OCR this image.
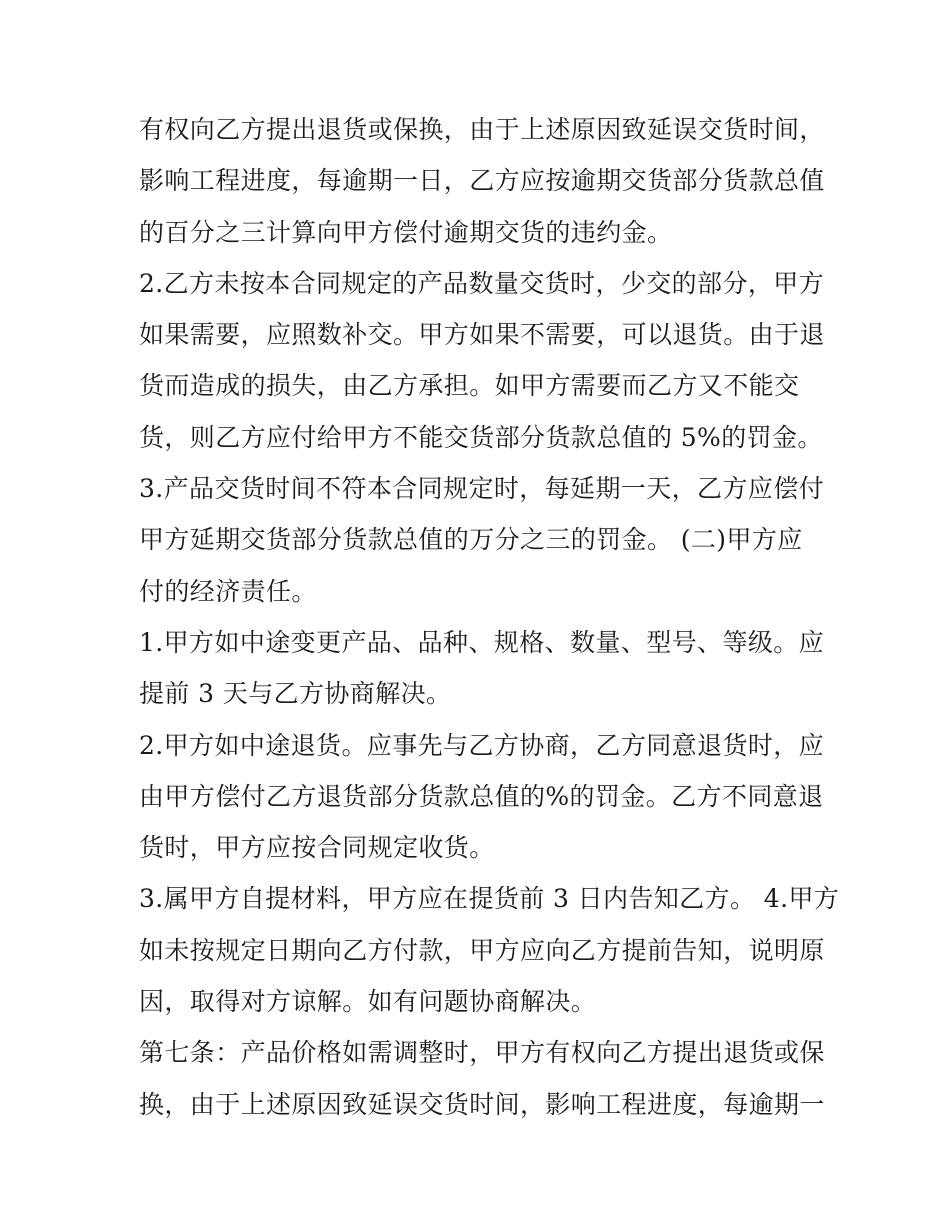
有权向乙方提出退货或保换，由于上述原因致延误交货时间，
影响工程进度，每逾期一日，乙方应按逾期交货部分货款总值
的百分之三计算向甲方偿付逾期交货的违约金。
2.乙方未按本合同规定的产品数量交货时，少交的部分，甲方
如果需要，应照数补交。甲方如果不需要，可以退货。由于退
货而造成的损失，由乙方承担。如甲方需要而乙方又不能交
货，则乙方应付给甲方不能交货部分货款总值的 5%的罚金。
3.产品交货时间不符本合同规定时，每延期一天，乙方应偿付
甲方延期交货部分货款总值的万分之三的罚金。 (二)甲方应
付的经济责任。
1.甲方如中途变更产品、品种、规格、数量、型号、等级。应
提前 3 天与乙方协商解决。
2.甲方如中途退货。应事先与乙方协商，乙方同意退货时，应
由甲方偿付乙方退货部分货款总值的%的罚金。乙方不同意退
货时，甲方应按合同规定收货。
3.属甲方自提材料，甲方应在提货前 3 日内告知乙方。 4.甲方
如未按规定日期向乙方付款，甲方应向乙方提前告知，说明原
因，取得对方谅解。如有问题协商解决。
第七条：产品价格如需调整时，甲方有权向乙方提出退货或保
换，由于上述原因致延误交货时间，影响工程进度，每逾期一
